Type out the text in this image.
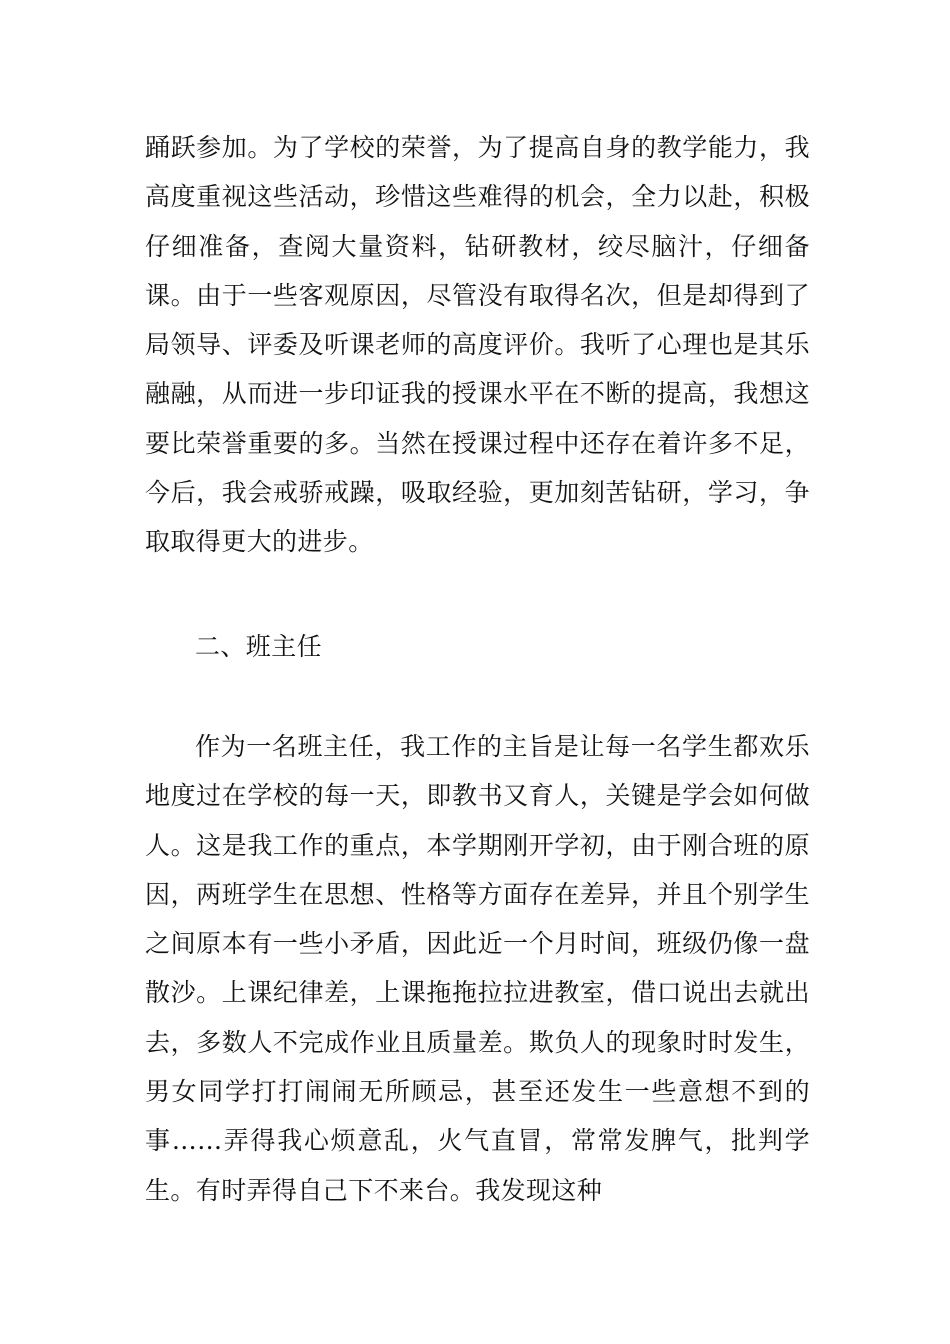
踊跃参加。为了学校的荣誉，为了提高自身的教学能力，我高度重视这些活动，珍惜这些难得的机会，全力以赴，积极仔细准备，查阅大量资料，钻研教材，绞尽脑汁，仔细备课。由于一些客观原因，尽管没有取得名次，但是却得到了局领导、评委及听课老师的高度评价。我听了心理也是其乐融融，从而进一步印证我的授课水平在不断的提高，我想这要比荣誉重要的多。当然在授课过程中还存在着许多不足，今后，我会戒骄戒躁，吸取经验，更加刻苦钻研，学习，争取取得更大的进步。

二、班主任

作为一名班主任，我工作的主旨是让每一名学生都欢乐地度过在学校的每一天，即教书又育人，关键是学会如何做人。这是我工作的重点，本学期刚开学初，由于刚合班的原因，两班学生在思想、性格等方面存在差异，并且个别学生之间原本有一些小矛盾，因此近一个月时间，班级仍像一盘散沙。上课纪律差，上课拖拖拉拉进教室，借口说出去就出去，多数人不完成作业且质量差。欺负人的现象时时发生，男女同学打打闹闹无所顾忌，甚至还发生一些意想不到的事……弄得我心烦意乱，火气直冒，常常发脾气，批判学生。有时弄得自己下不来台。我发现这种
